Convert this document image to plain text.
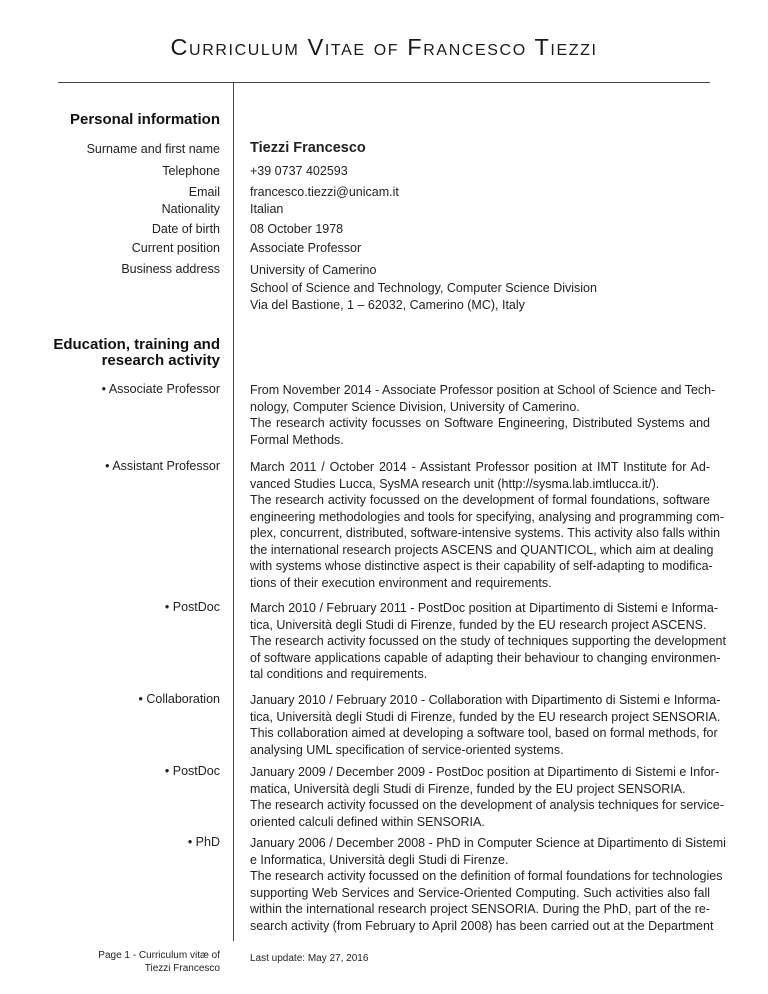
Curriculum Vitae of Francesco Tiezzi
Personal information
Surname and first name Tiezzi Francesco
Telephone +39 0737 402593
Email francesco.tiezzi@unicam.it
Nationality Italian
Date of birth 08 October 1978
Current position Associate Professor
Business address University of Camerino
School of Science and Technology, Computer Science Division
Via del Bastione, 1 – 62032, Camerino (MC), Italy
Education, training and
research activity
• Associate Professor From November 2014 - Associate Professor position at School of Science and Tech-
nology, Computer Science Division, University of Camerino.
The research activity focusses on Software Engineering, Distributed Systems and
Formal Methods.
• Assistant Professor March 2011 / October 2014 - Assistant Professor position at IMT Institute for Ad-
vanced Studies Lucca, SysMA research unit (http://sysma.lab.imtlucca.it/).
The research activity focussed on the development of formal foundations, software
engineering methodologies and tools for specifying, analysing and programming com-
plex, concurrent, distributed, software-intensive systems. This activity also falls within
the international research projects ASCENS and QUANTICOL, which aim at dealing
with systems whose distinctive aspect is their capability of self-adapting to modifica-
tions of their execution environment and requirements.
• PostDoc March 2010 / February 2011 - PostDoc position at Dipartimento di Sistemi e Informa-
tica, Università degli Studi di Firenze, funded by the EU research project ASCENS.
The research activity focussed on the study of techniques supporting the development
of software applications capable of adapting their behaviour to changing environmen-
tal conditions and requirements.
• Collaboration January 2010 / February 2010 - Collaboration with Dipartimento di Sistemi e Informa-
tica, Università degli Studi di Firenze, funded by the EU research project SENSORIA.
This collaboration aimed at developing a software tool, based on formal methods, for
analysing UML specification of service-oriented systems.
• PostDoc January 2009 / December 2009 - PostDoc position at Dipartimento di Sistemi e Infor-
matica, Università degli Studi di Firenze, funded by the EU project SENSORIA.
The research activity focussed on the development of analysis techniques for service-
oriented calculi defined within SENSORIA.
• PhD January 2006 / December 2008 - PhD in Computer Science at Dipartimento di Sistemi
e Informatica, Università degli Studi di Firenze.
The research activity focussed on the definition of formal foundations for technologies
supporting Web Services and Service-Oriented Computing. Such activities also fall
within the international research project SENSORIA. During the PhD, part of the re-
search activity (from February to April 2008) has been carried out at the Department
Page 1 - Curriculum vitæ of
Tiezzi Francesco
Last update: May 27, 2016
